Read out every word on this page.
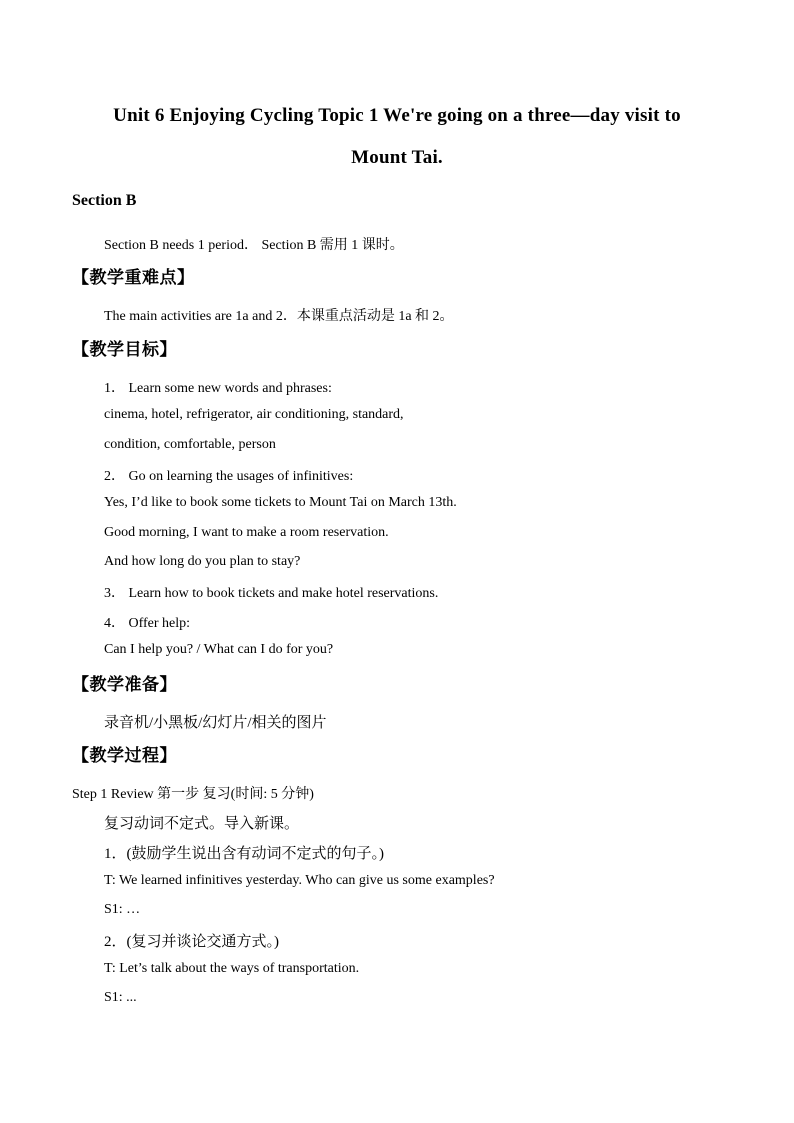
Unit 6 Enjoying Cycling Topic 1 We're going on a three—day visit to
Mount Tai.
Section B
Section B needs 1 period． Section B 需用 1 课时。
【教学重难点】
The main activities are 1a and 2．本课重点活动是 1a 和 2。
【教学目标】
1． Learn some new words and phrases:
cinema, hotel, refrigerator, air conditioning, standard,
condition, comfortable, person
2． Go on learning the usages of infinitives:
Yes, I’d like to book some tickets to Mount Tai on March 13th.
Good morning, I want to make a room reservation.
And how long do you plan to stay?
3． Learn how to book tickets and make hotel reservations.
4． Offer help:
Can I help you? / What can I do for you?
【教学准备】
录音机/小黑板/幻灯片/相关的图片
【教学过程】
Step 1 Review 第一步 复习(时间: 5 分钟)
复习动词不定式。导入新课。
1．(鼓励学生说出含有动词不定式的句子。)
T: We learned infinitives yesterday. Who can give us some examples?
S1: …
2．(复习并谈论交通方式。)
T: Let’s talk about the ways of transportation.
S1: ...
